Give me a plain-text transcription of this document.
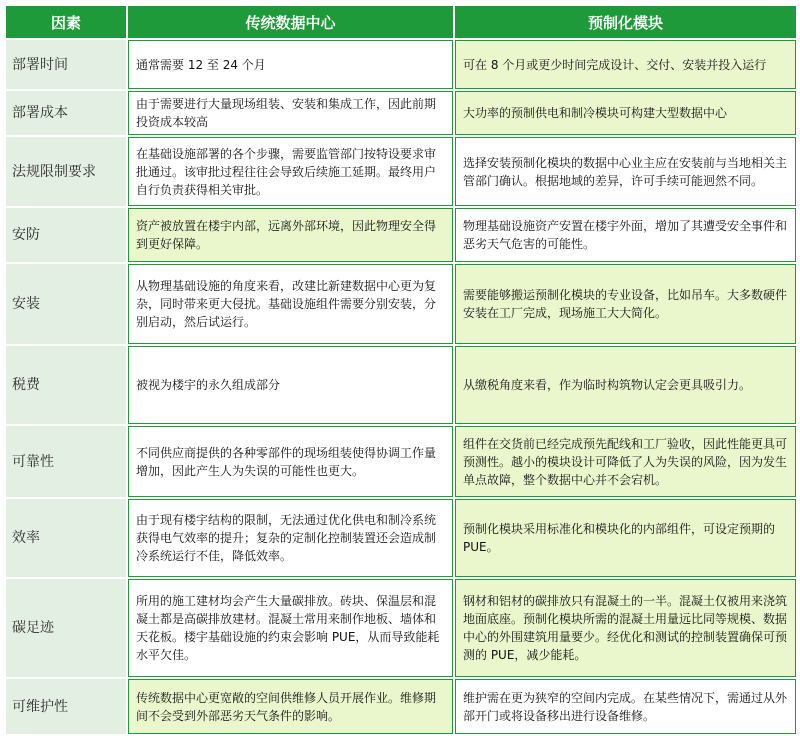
因素	传统数据中心	预制化模块
部署时间	通常需要 12 至 24 个月	可在 8 个月或更少时间完成设计、交付、安装并投入运行
部署成本	由于需要进行大量现场组装、安装和集成工作，因此前期投资成本较高	大功率的预制供电和制冷模块可构建大型数据中心
法规限制要求	在基础设施部署的各个步骤，需要监管部门按特设要求审批通过。该审批过程往往会导致后续施工延期。最终用户自行负责获得相关审批。	选择安装预制化模块的数据中心业主应在安装前与当地相关主管部门确认。根据地域的差异，许可手续可能迥然不同。
安防	资产被放置在楼宇内部，远离外部环境，因此物理安全得到更好保障。	物理基础设施资产安置在楼宇外面，增加了其遭受安全事件和恶劣天气危害的可能性。
安装	从物理基础设施的角度来看，改建比新建数据中心更为复杂，同时带来更大侵扰。基础设施组件需要分别安装，分别启动，然后试运行。	需要能够搬运预制化模块的专业设备，比如吊车。大多数硬件安装在工厂完成，现场施工大大简化。
税费	被视为楼宇的永久组成部分	从缴税角度来看，作为临时构筑物认定会更具吸引力。
可靠性	不同供应商提供的各种零部件的现场组装使得协调工作量增加，因此产生人为失误的可能性也更大。	组件在交货前已经完成预先配线和工厂验收，因此性能更具可预测性。越小的模块设计可降低了人为失误的风险，因为发生单点故障，整个数据中心并不会宕机。
效率	由于现有楼宇结构的限制，无法通过优化供电和制冷系统获得电气效率的提升；复杂的定制化控制装置还会造成制冷系统运行不佳，降低效率。	预制化模块采用标准化和模块化的内部组件，可设定预期的 PUE。
碳足迹	所用的施工建材均会产生大量碳排放。砖块、保温层和混凝土都是高碳排放建材。混凝土常用来制作地板、墙体和天花板。楼宇基础设施的约束会影响 PUE，从而导致能耗水平欠佳。	钢材和铝材的碳排放只有混凝土的一半。混凝土仅被用来浇筑地面底座。预制化模块所需的混凝土用量远比同等规模、数据中心的外围建筑用量要少。经优化和测试的控制装置确保可预测的 PUE，减少能耗。
可维护性	传统数据中心更宽敞的空间供维修人员开展作业。维修期间不会受到外部恶劣天气条件的影响。	维护需在更为狭窄的空间内完成。在某些情况下，需通过从外部开门或将设备移出进行设备维修。
